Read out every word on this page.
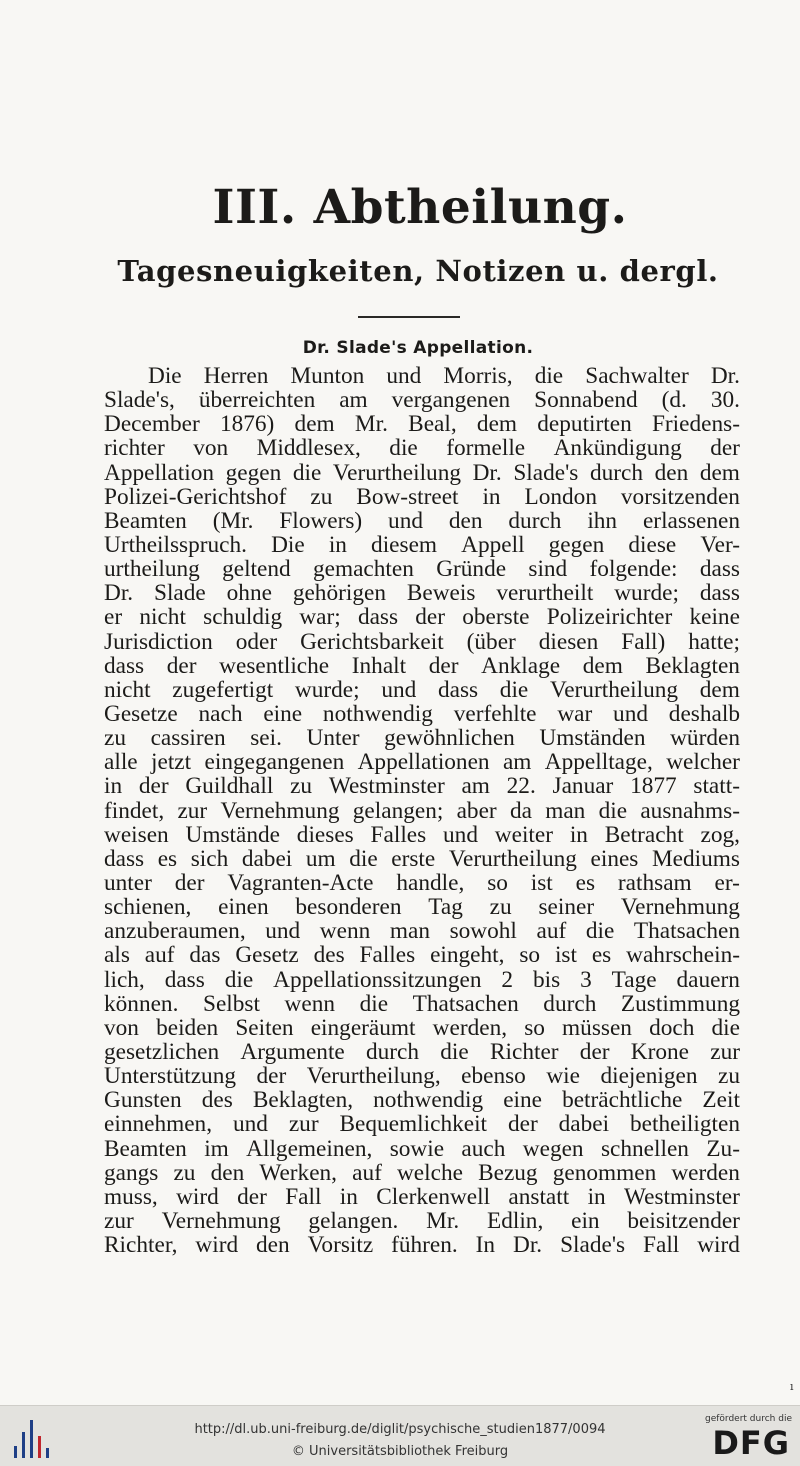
III. Abtheilung.
Tagesneuigkeiten, Notizen u. dergl.
Dr. Slade's Appellation.
Die Herren Munton und Morris, die Sachwalter Dr.
Slade's, überreichten am vergangenen Sonnabend (d. 30.
December 1876) dem Mr. Beal, dem deputirten Friedens-
richter von Middlesex, die formelle Ankündigung der
Appellation gegen die Verurtheilung Dr. Slade's durch den dem
Polizei-Gerichtshof zu Bow-street in London vorsitzenden
Beamten (Mr. Flowers) und den durch ihn erlassenen
Urtheilsspruch. Die in diesem Appell gegen diese Ver-
urtheilung geltend gemachten Gründe sind folgende: dass
Dr. Slade ohne gehörigen Beweis verurtheilt wurde; dass
er nicht schuldig war; dass der oberste Polizeirichter keine
Jurisdiction oder Gerichtsbarkeit (über diesen Fall) hatte;
dass der wesentliche Inhalt der Anklage dem Beklagten
nicht zugefertigt wurde; und dass die Verurtheilung dem
Gesetze nach eine nothwendig verfehlte war und deshalb
zu cassiren sei. Unter gewöhnlichen Umständen würden
alle jetzt eingegangenen Appellationen am Appelltage, welcher
in der Guildhall zu Westminster am 22. Januar 1877 statt-
findet, zur Vernehmung gelangen; aber da man die ausnahms-
weisen Umstände dieses Falles und weiter in Betracht zog,
dass es sich dabei um die erste Verurtheilung eines Mediums
unter der Vagranten-Acte handle, so ist es rathsam er-
schienen, einen besonderen Tag zu seiner Vernehmung
anzuberaumen, und wenn man sowohl auf die Thatsachen
als auf das Gesetz des Falles eingeht, so ist es wahrschein-
lich, dass die Appellationssitzungen 2 bis 3 Tage dauern
können. Selbst wenn die Thatsachen durch Zustimmung
von beiden Seiten eingeräumt werden, so müssen doch die
gesetzlichen Argumente durch die Richter der Krone zur
Unterstützung der Verurtheilung, ebenso wie diejenigen zu
Gunsten des Beklagten, nothwendig eine beträchtliche Zeit
einnehmen, und zur Bequemlichkeit der dabei betheiligten
Beamten im Allgemeinen, sowie auch wegen schnellen Zu-
gangs zu den Werken, auf welche Bezug genommen werden
muss, wird der Fall in Clerkenwell anstatt in Westminster
zur Vernehmung gelangen. Mr. Edlin, ein beisitzender
Richter, wird den Vorsitz führen. In Dr. Slade's Fall wird
ı
http://dl.ub.uni-freiburg.de/diglit/psychische_studien1877/0094
© Universitätsbibliothek Freiburg
gefördert durch die
DFG
